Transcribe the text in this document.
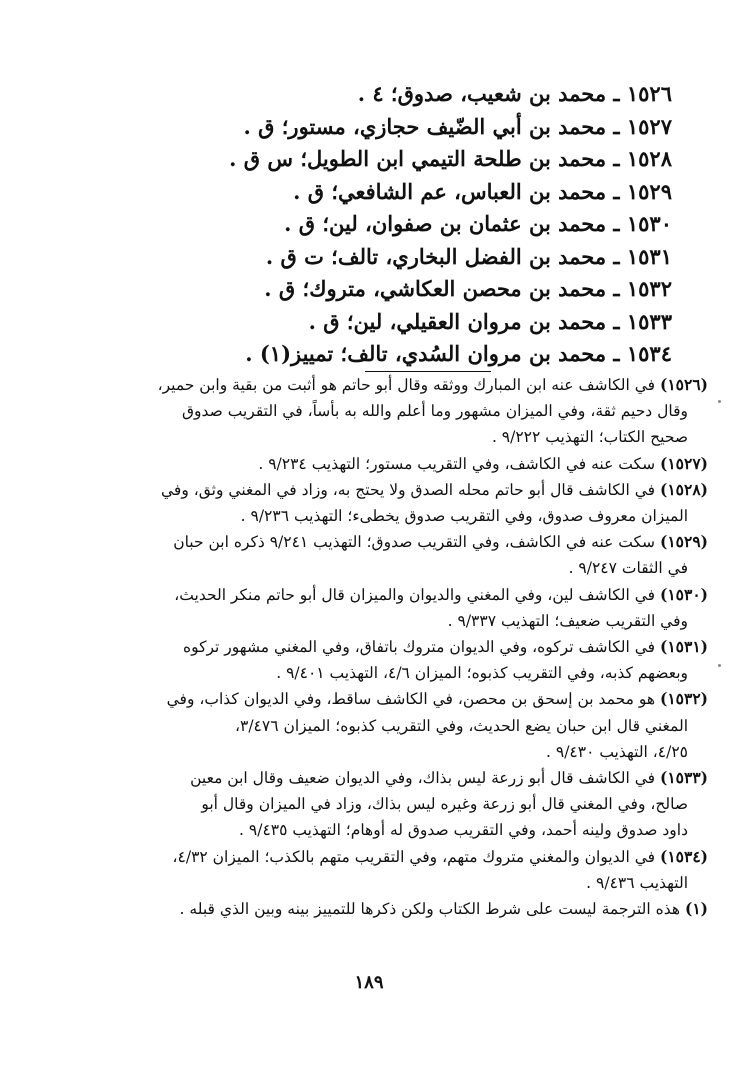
١٥٢٦ ـ محمد بن شعيب، صدوق؛ ٤ .
١٥٢٧ ـ محمد بن أبي الضّيف حجازي، مستور؛ ق .
١٥٢٨ ـ محمد بن طلحة التيمي ابن الطويل؛ س ق .
١٥٢٩ ـ محمد بن العباس، عم الشافعي؛ ق .
١٥٣٠ ـ محمد بن عثمان بن صفوان، لين؛ ق .
١٥٣١ ـ محمد بن الفضل البخاري، تالف؛ ت ق .
١٥٣٢ ـ محمد بن محصن العكاشي، متروك؛ ق .
١٥٣٣ ـ محمد بن مروان العقيلي، لين؛ ق .
١٥٣٤ ـ محمد بن مروان السُدي، تالف؛ تمييز(١) .
(١٥٢٦) في الكاشف عنه ابن المبارك ووثقه وقال أبو حاتم هو أثبت من بقية وابن حمير،
وقال دحيم ثقة، وفي الميزان مشهور وما أعلم والله به بأساً، في التقريب صدوق
صحيح الكتاب؛ التهذيب ٩/٢٢٢ .
(١٥٢٧) سكت عنه في الكاشف، وفي التقريب مستور؛ التهذيب ٩/٢٣٤ .
(١٥٢٨) في الكاشف قال أبو حاتم محله الصدق ولا يحتج به، وزاد في المغني وثق، وفي
الميزان معروف صدوق، وفي التقريب صدوق يخطىء؛ التهذيب ٩/٢٣٦ .
(١٥٢٩) سكت عنه في الكاشف، وفي التقريب صدوق؛ التهذيب ٩/٢٤١ ذكره ابن حبان
في الثقات ٩/٢٤٧ .
(١٥٣٠) في الكاشف لين، وفي المغني والديوان والميزان قال أبو حاتم منكر الحديث،
وفي التقريب ضعيف؛ التهذيب ٩/٣٣٧ .
(١٥٣١) في الكاشف تركوه، وفي الديوان متروك باتفاق، وفي المغني مشهور تركوه
وبعضهم كذبه، وفي التقريب كذبوه؛ الميزان ٤/٦، التهذيب ٩/٤٠١ .
(١٥٣٢) هو محمد بن إسحق بن محصن، في الكاشف ساقط، وفي الديوان كذاب، وفي
المغني قال ابن حبان يضع الحديث، وفي التقريب كذبوه؛ الميزان ٣/٤٧٦،
٤/٢٥، التهذيب ٩/٤٣٠ .
(١٥٣٣) في الكاشف قال أبو زرعة ليس بذاك، وفي الديوان ضعيف وقال ابن معين
صالح، وفي المغني قال أبو زرعة وغيره ليس بذاك، وزاد في الميزان وقال أبو
داود صدوق ولينه أحمد، وفي التقريب صدوق له أوهام؛ التهذيب ٩/٤٣٥ .
(١٥٣٤) في الديوان والمغني متروك متهم، وفي التقريب متهم بالكذب؛ الميزان ٤/٣٢،
التهذيب ٩/٤٣٦ .
(١) هذه الترجمة ليست على شرط الكتاب ولكن ذكرها للتمييز بينه وبين الذي قبله .
١٨٩
